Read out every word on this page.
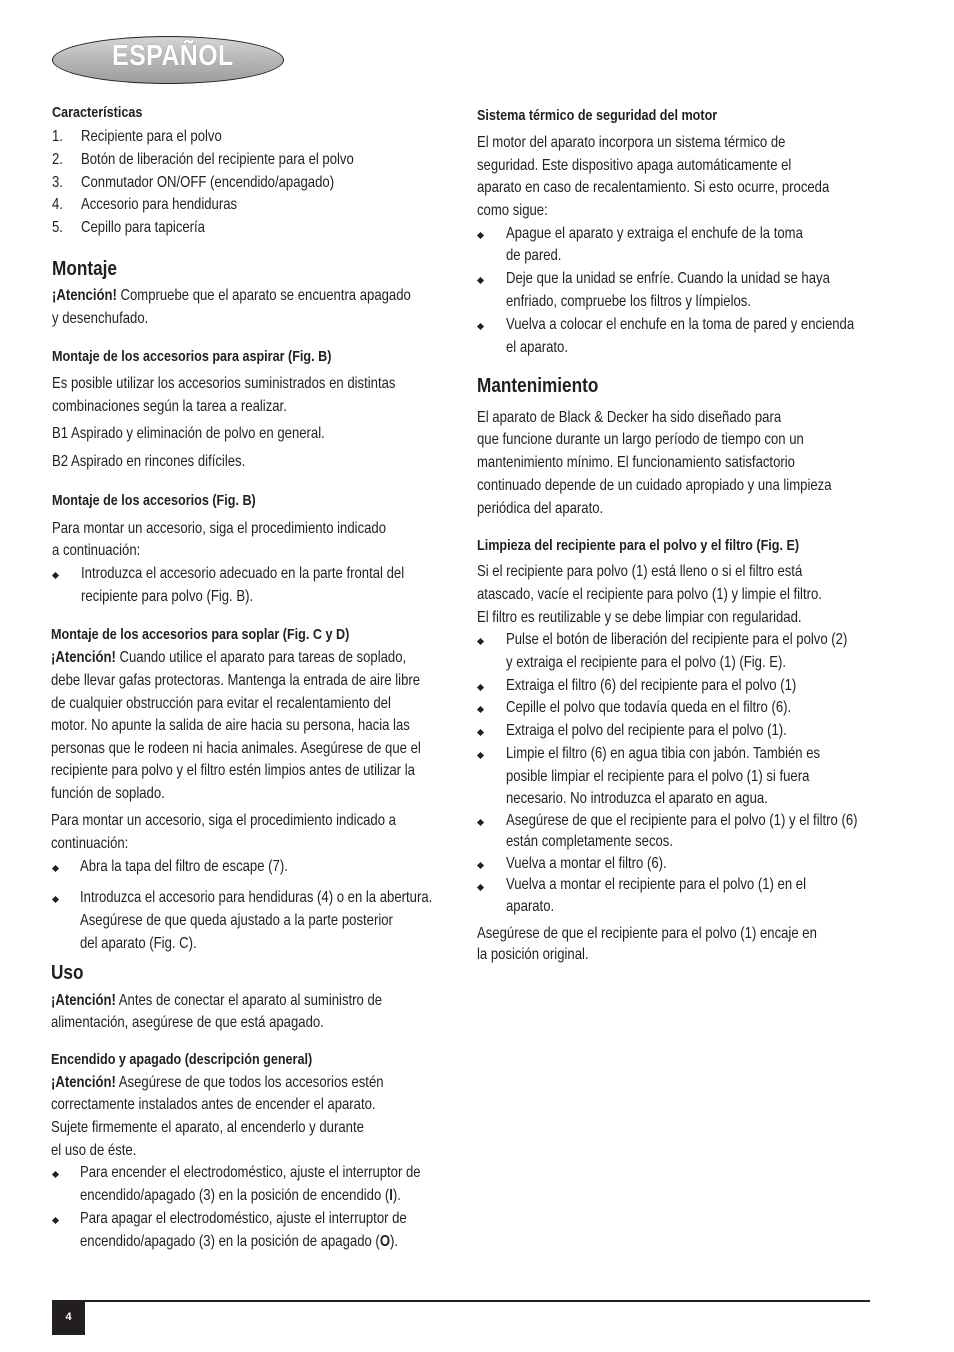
ESPAÑOL
Características
1. Recipiente para el polvo
2. Botón de liberación del recipiente para el polvo
3. Conmutador ON/OFF (encendido/apagado)
4. Accesorio para hendiduras
5. Cepillo para tapicería
Montaje
¡Atención! Compruebe que el aparato se encuentra apagado
y desenchufado.
Montaje de los accesorios para aspirar (Fig. B)
Es posible utilizar los accesorios suministrados en distintas
combinaciones según la tarea a realizar.
B1 Aspirado y eliminación de polvo en general.
B2 Aspirado en rincones difíciles.
Montaje de los accesorios (Fig. B)
Para montar un accesorio, siga el procedimiento indicado
a continuación:
Introduzca el accesorio adecuado en la parte frontal del
recipiente para polvo (Fig. B).
Montaje de los accesorios para soplar (Fig. C y D)
¡Atención! Cuando utilice el aparato para tareas de soplado,
debe llevar gafas protectoras. Mantenga la entrada de aire libre
de cualquier obstrucción para evitar el recalentamiento del
motor. No apunte la salida de aire hacia su persona, hacia las
personas que le rodeen ni hacia animales. Asegúrese de que el
recipiente para polvo y el filtro estén limpios antes de utilizar la
función de soplado.
Para montar un accesorio, siga el procedimiento indicado a
continuación:
Abra la tapa del filtro de escape (7).
Introduzca el accesorio para hendiduras (4) o en la abertura.
Asegúrese de que queda ajustado a la parte posterior
del aparato (Fig. C).
Uso
¡Atención! Antes de conectar el aparato al suministro de
alimentación, asegúrese de que está apagado.
Encendido y apagado (descripción general)
¡Atención! Asegúrese de que todos los accesorios estén
correctamente instalados antes de encender el aparato.
Sujete firmemente el aparato, al encenderlo y durante
el uso de éste.
Para encender el electrodoméstico, ajuste el interruptor de
encendido/apagado (3) en la posición de encendido (I).
Para apagar el electrodoméstico, ajuste el interruptor de
encendido/apagado (3) en la posición de apagado (O).
Sistema térmico de seguridad del motor
El motor del aparato incorpora un sistema térmico de
seguridad. Este dispositivo apaga automáticamente el
aparato en caso de recalentamiento. Si esto ocurre, proceda
como sigue:
Apague el aparato y extraiga el enchufe de la toma
de pared.
Deje que la unidad se enfríe. Cuando la unidad se haya
enfriado, compruebe los filtros y límpielos.
Vuelva a colocar el enchufe en la toma de pared y encienda
el aparato.
Mantenimiento
El aparato de Black & Decker ha sido diseñado para
que funcione durante un largo período de tiempo con un
mantenimiento mínimo. El funcionamiento satisfactorio
continuado depende de un cuidado apropiado y una limpieza
periódica del aparato.
Limpieza del recipiente para el polvo y el filtro (Fig. E)
Si el recipiente para polvo (1) está lleno o si el filtro está
atascado, vacíe el recipiente para polvo (1) y limpie el filtro.
El filtro es reutilizable y se debe limpiar con regularidad.
Pulse el botón de liberación del recipiente para el polvo (2)
y extraiga el recipiente para el polvo (1) (Fig. E).
Extraiga el filtro (6) del recipiente para el polvo (1)
Cepille el polvo que todavía queda en el filtro (6).
Extraiga el polvo del recipiente para el polvo (1).
Limpie el filtro (6) en agua tibia con jabón. También es
posible limpiar el recipiente para el polvo (1) si fuera
necesario. No introduzca el aparato en agua.
Asegúrese de que el recipiente para el polvo (1) y el filtro (6)
están completamente secos.
Vuelva a montar el filtro (6).
Vuelva a montar el recipiente para el polvo (1) en el
aparato.
Asegúrese de que el recipiente para el polvo (1) encaje en
la posición original.
4
